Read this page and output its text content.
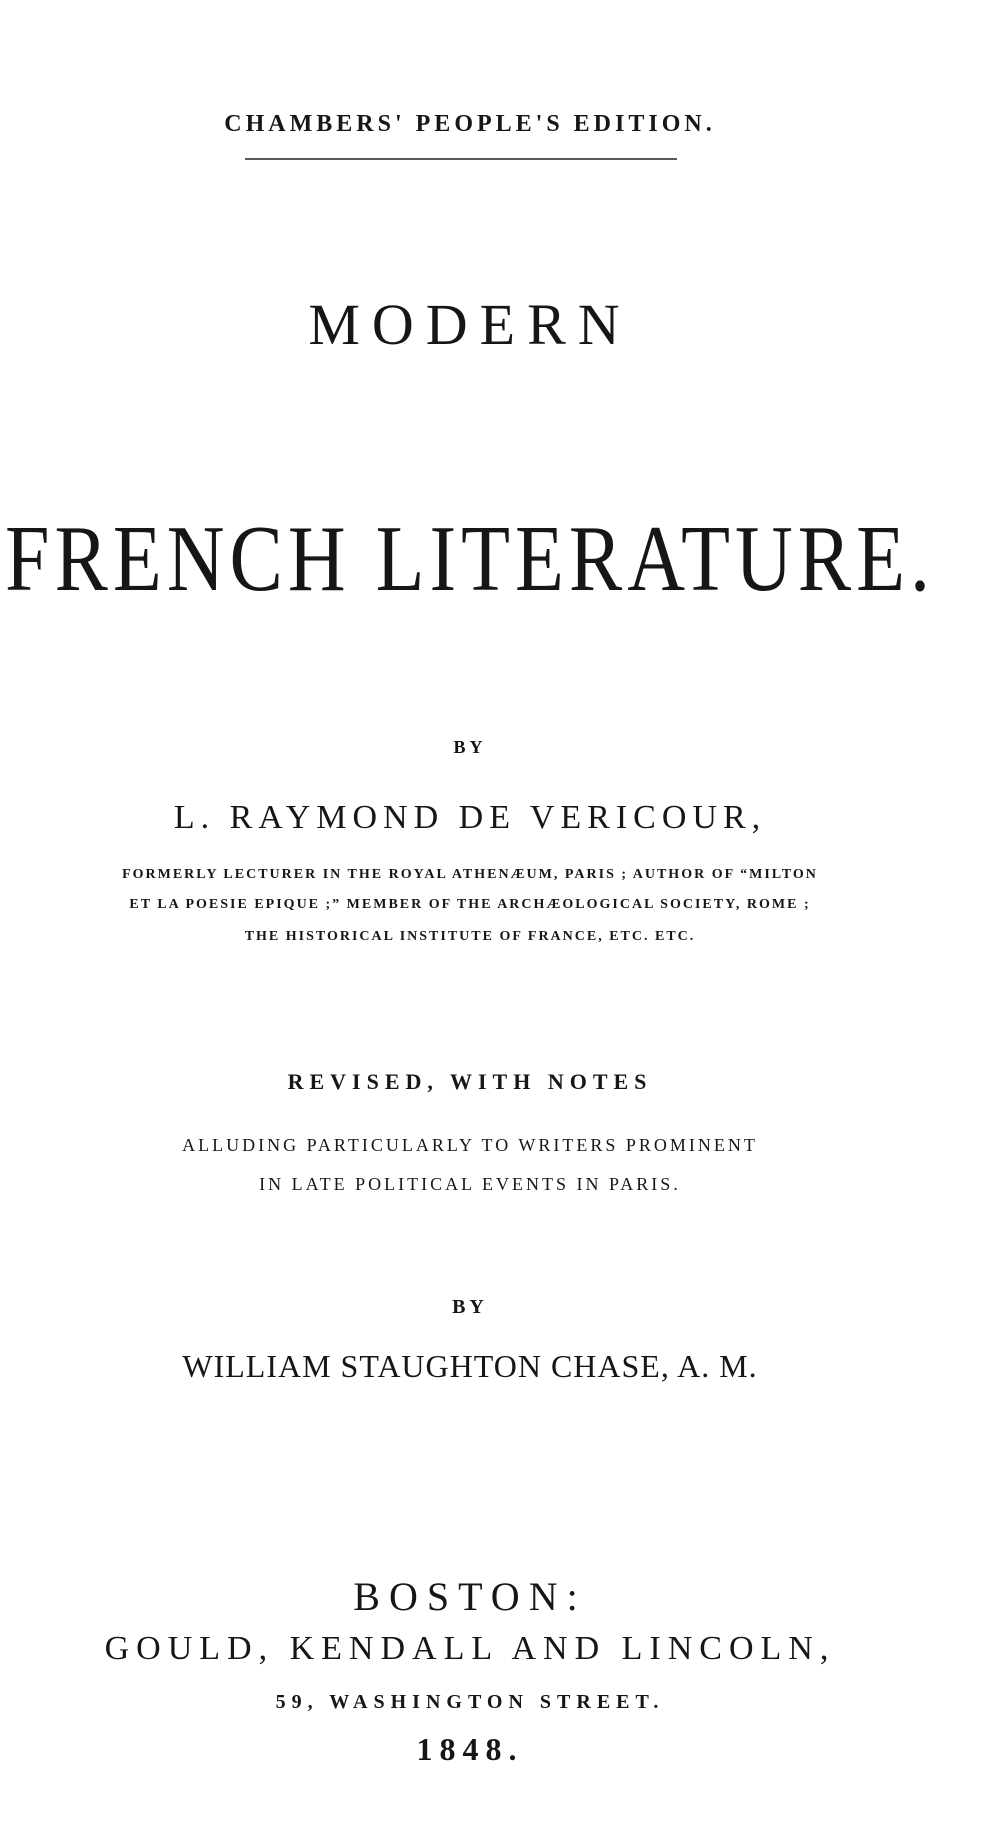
CHAMBERS' PEOPLE'S EDITION.
MODERN
FRENCH LITERATURE.
BY
L. RAYMOND DE VERICOUR,
FORMERLY LECTURER IN THE ROYAL ATHENÆUM, PARIS ; AUTHOR OF “MILTON
ET LA POESIE EPIQUE ;” MEMBER OF THE ARCHÆOLOGICAL SOCIETY, ROME ;
THE HISTORICAL INSTITUTE OF FRANCE, ETC. ETC.
REVISED, WITH NOTES
ALLUDING PARTICULARLY TO WRITERS PROMINENT
IN LATE POLITICAL EVENTS IN PARIS.
BY
WILLIAM STAUGHTON CHASE, A. M.
BOSTON:
GOULD, KENDALL AND LINCOLN,
59, WASHINGTON STREET.
1848.
